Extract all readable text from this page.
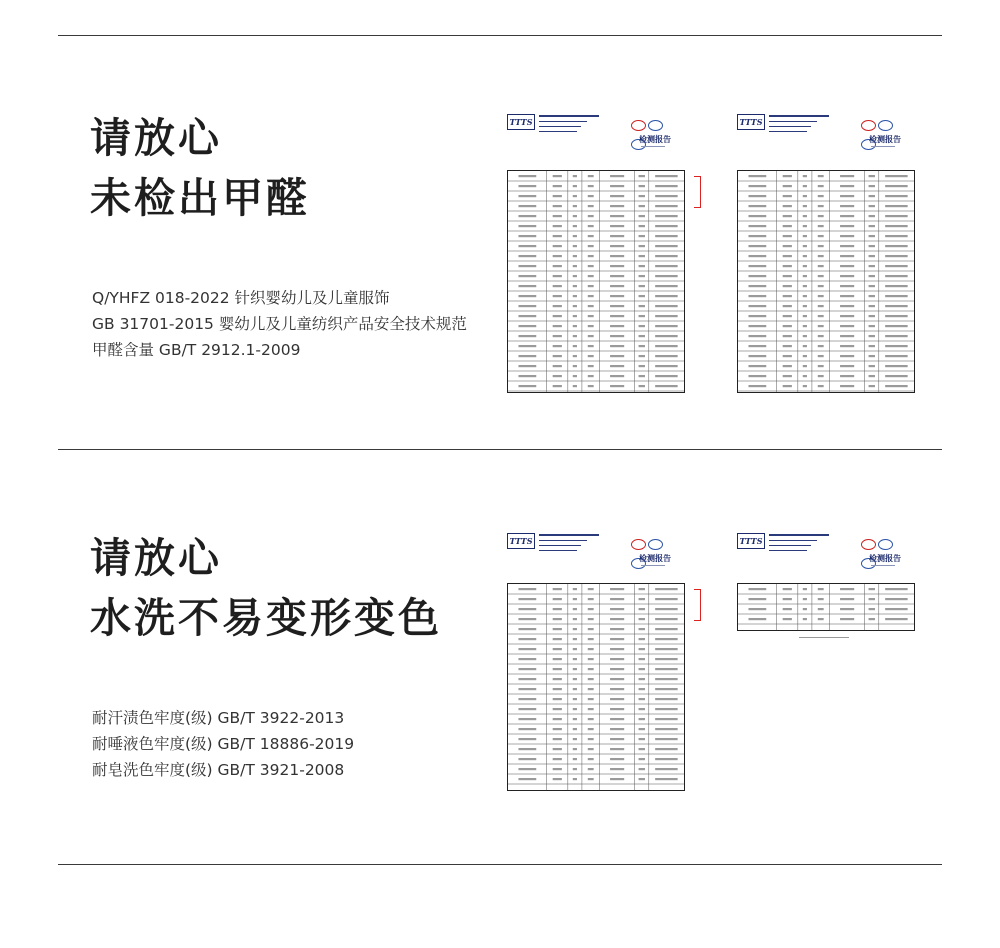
请放心
未检出甲醛
Q/YHFZ 018-2022 针织婴幼儿及儿童服饰
GB 31701-2015 婴幼儿及儿童纺织产品安全技术规范
甲醛含量 GB/T 2912.1-2009
TTTS
检测报告
TTTS
检测报告
请放心
水洗不易变形变色
耐汗渍色牢度(级) GB/T 3922-2013
耐唾液色牢度(级) GB/T 18886-2019
耐皂洗色牢度(级) GB/T 3921-2008
TTTS
检测报告
TTTS
检测报告
